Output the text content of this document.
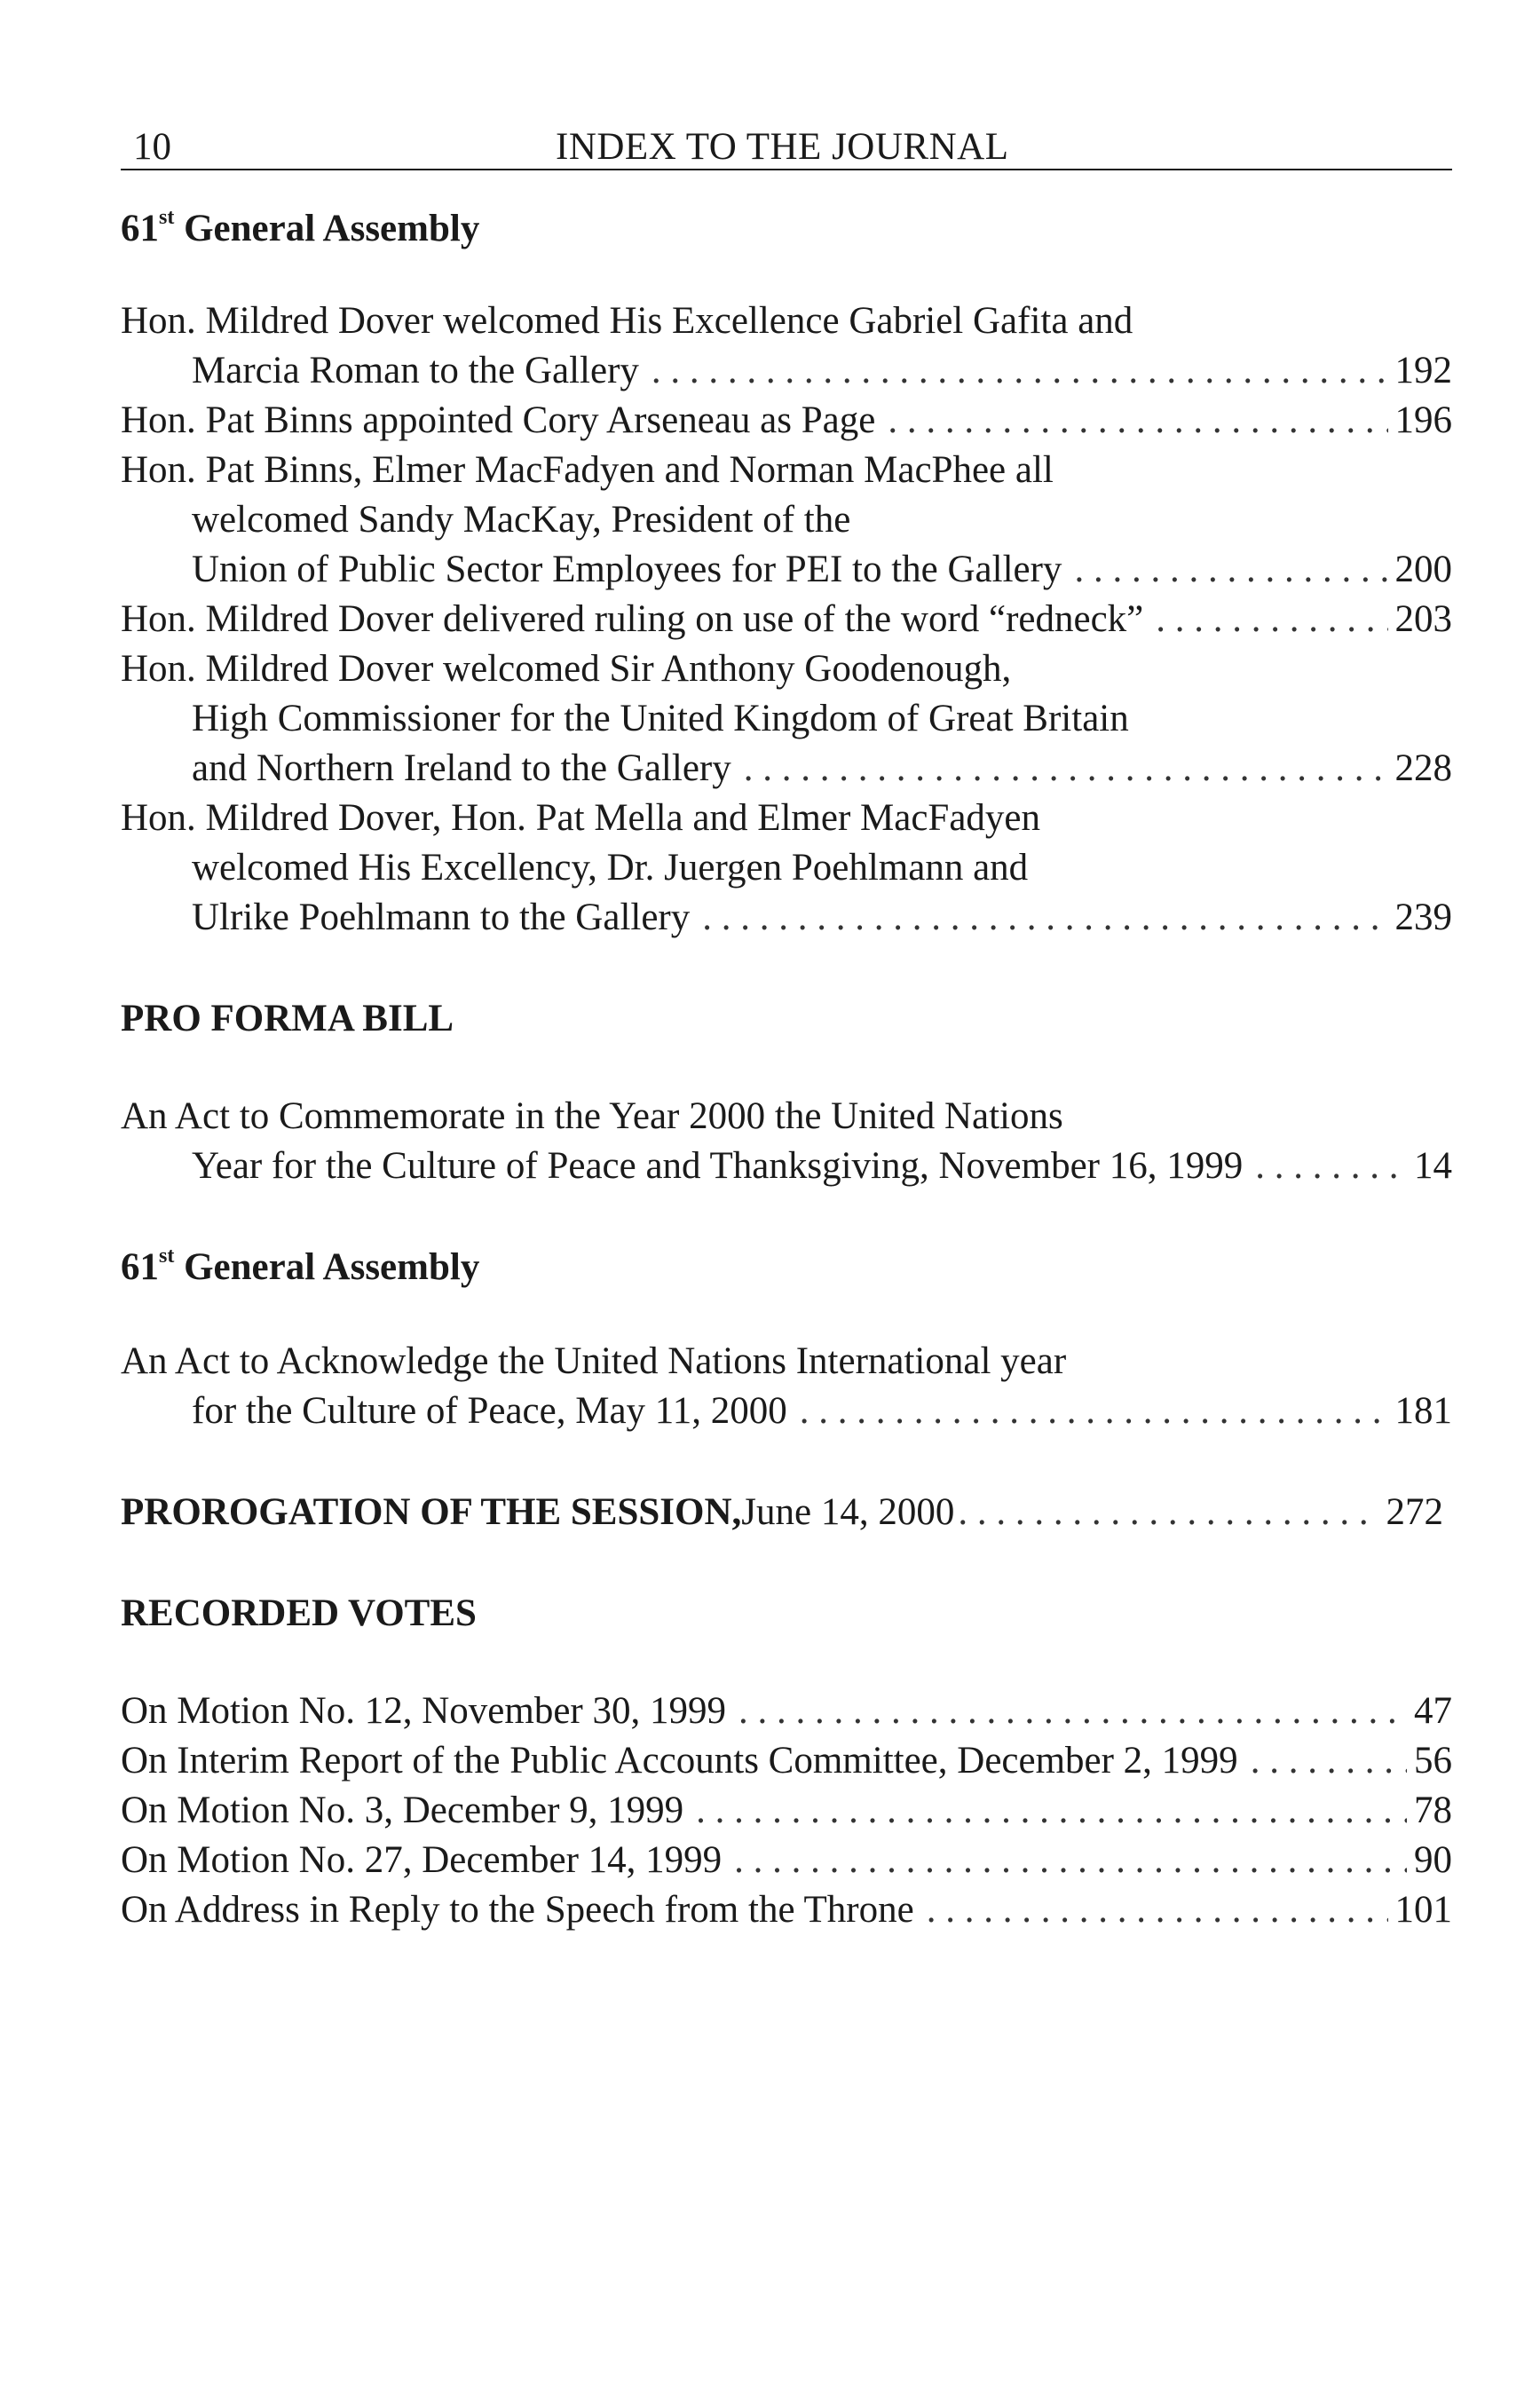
10	INDEX TO THE JOURNAL

61st General Assembly

Hon. Mildred Dover welcomed His Excellence Gabriel Gafita and
Marcia Roman to the Gallery . . .	192
Hon. Pat Binns appointed Cory Arseneau as Page . . .	196
Hon. Pat Binns, Elmer MacFadyen and Norman MacPhee all
welcomed Sandy MacKay, President of the
Union of Public Sector Employees for PEI to the Gallery . . .	200
Hon. Mildred Dover delivered ruling on use of the word “redneck” . . .	203
Hon. Mildred Dover welcomed Sir Anthony Goodenough,
High Commissioner for the United Kingdom of Great Britain
and Northern Ireland to the Gallery . . .	228
Hon. Mildred Dover, Hon. Pat Mella and Elmer MacFadyen
welcomed His Excellency, Dr. Juergen Poehlmann and
Ulrike Poehlmann to the Gallery . . .	239

PRO FORMA BILL

An Act to Commemorate in the Year 2000 the United Nations
Year for the Culture of Peace and Thanksgiving, November 16, 1999 . . .	14

61st General Assembly

An Act to Acknowledge the United Nations International year
for the Culture of Peace, May 11, 2000 . . .	181
PROROGATION OF THE SESSION, June 14, 2000 . . .	272

RECORDED VOTES

On Motion No. 12, November 30, 1999 . . .	47
On Interim Report of the Public Accounts Committee, December 2, 1999 . . .	56
On Motion No. 3, December 9, 1999 . . .	78
On Motion No. 27, December 14, 1999 . . .	90
On Address in Reply to the Speech from the Throne . . .	101
